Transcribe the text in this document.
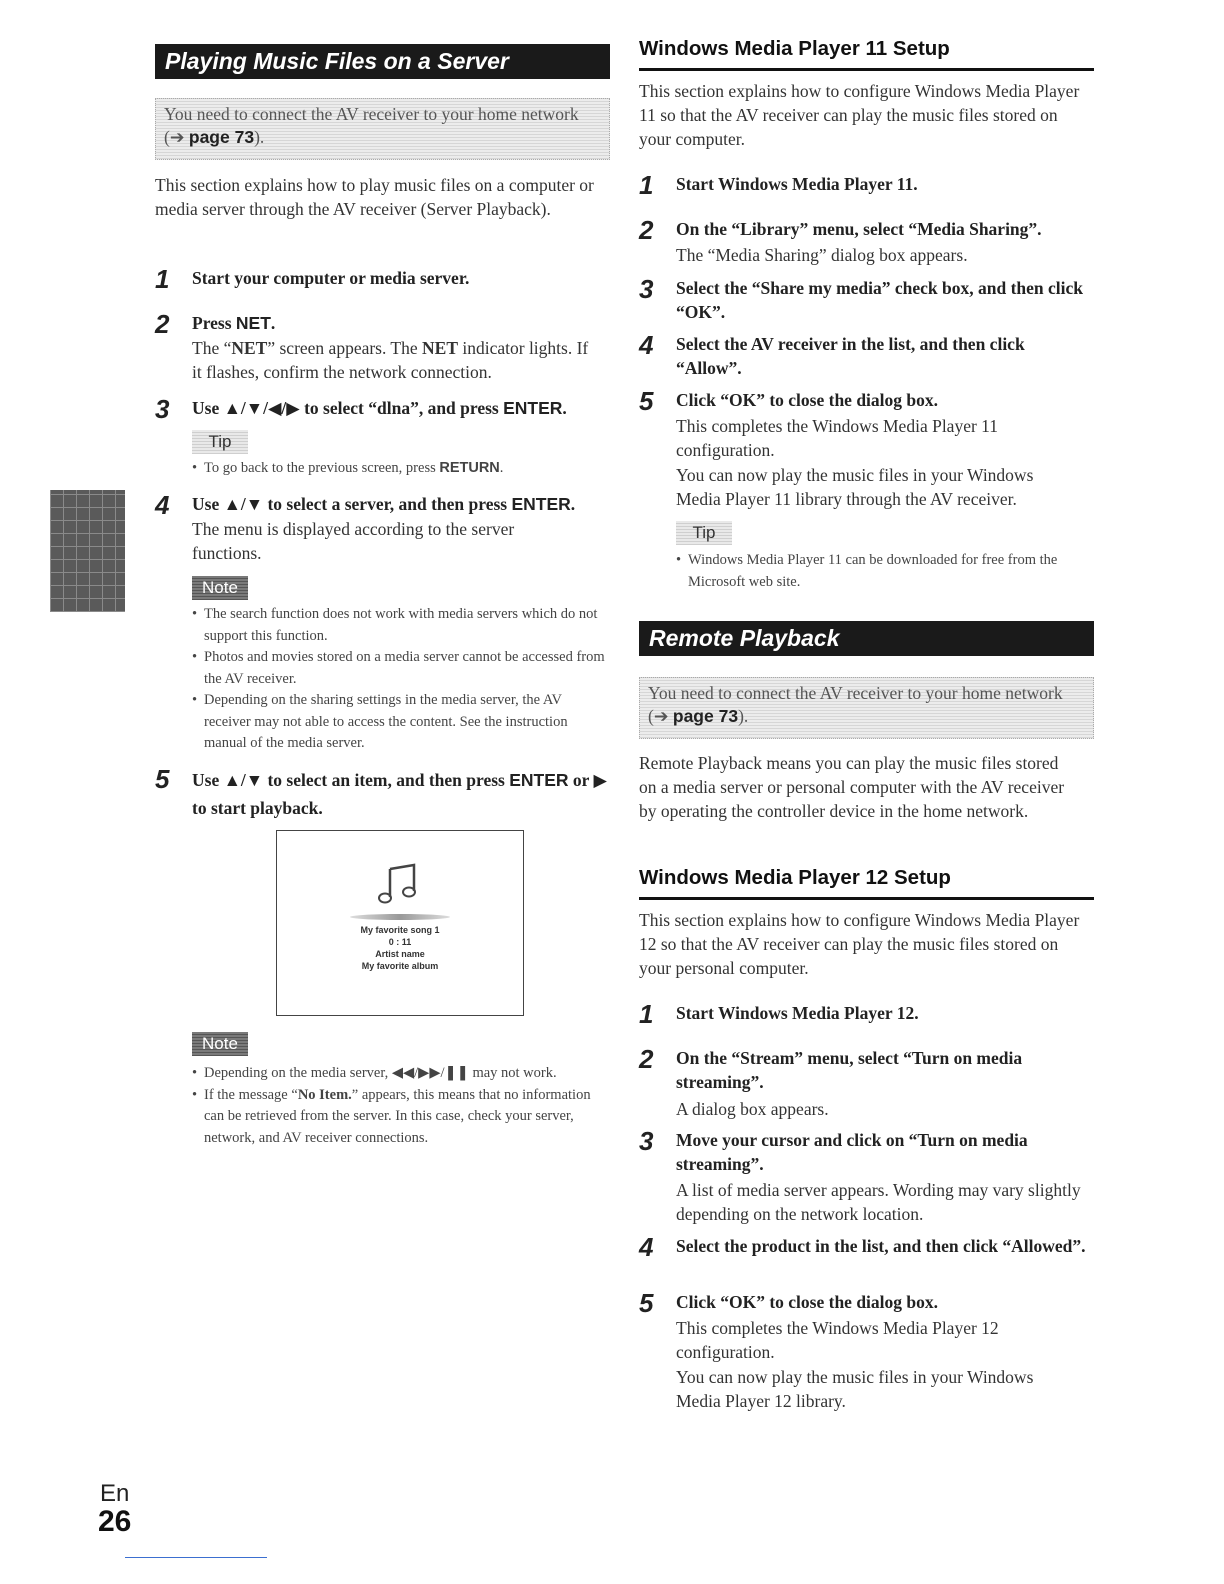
Playing Music Files on a Server
You need to connect the AV receiver to your home network (➔ page 73).
This section explains how to play music files on a computer or media server through the AV receiver (Server Playback).
1	Start your computer or media server.
2	Press NET.
The “NET” screen appears. The NET indicator lights. If it flashes, confirm the network connection.
3	Use ▲/▼/◀/▶ to select “dlna”, and press ENTER.
Tip
• To go back to the previous screen, press RETURN.
4	Use ▲/▼ to select a server, and then press ENTER.
The menu is displayed according to the server functions.
Note
• The search function does not work with media servers which do not support this function.
• Photos and movies stored on a media server cannot be accessed from the AV receiver.
• Depending on the sharing settings in the media server, the AV receiver may not able to access the content. See the instruction manual of the media server.
5	Use ▲/▼ to select an item, and then press ENTER or ▶ to start playback.
My favorite song 1
0 : 11
Artist name
My favorite album
Note
• Depending on the media server, ◀◀/▶▶/❚❚ may not work.
• If the message “No Item.” appears, this means that no information can be retrieved from the server. In this case, check your server, network, and AV receiver connections.
Windows Media Player 11 Setup
This section explains how to configure Windows Media Player 11 so that the AV receiver can play the music files stored on your computer.
1	Start Windows Media Player 11.
2	On the “Library” menu, select “Media Sharing”.
The “Media Sharing” dialog box appears.
3	Select the “Share my media” check box, and then click “OK”.
4	Select the AV receiver in the list, and then click “Allow”.
5	Click “OK” to close the dialog box.
This completes the Windows Media Player 11 configuration.
You can now play the music files in your Windows Media Player 11 library through the AV receiver.
Tip
• Windows Media Player 11 can be downloaded for free from the Microsoft web site.
Remote Playback
You need to connect the AV receiver to your home network (➔ page 73).
Remote Playback means you can play the music files stored on a media server or personal computer with the AV receiver by operating the controller device in the home network.
Windows Media Player 12 Setup
This section explains how to configure Windows Media Player 12 so that the AV receiver can play the music files stored on your personal computer.
1	Start Windows Media Player 12.
2	On the “Stream” menu, select “Turn on media streaming”.
A dialog box appears.
3	Move your cursor and click on “Turn on media streaming”.
A list of media server appears. Wording may vary slightly depending on the network location.
4	Select the product in the list, and then click “Allowed”.
5	Click “OK” to close the dialog box.
This completes the Windows Media Player 12 configuration.
You can now play the music files in your Windows Media Player 12 library.
En
26
